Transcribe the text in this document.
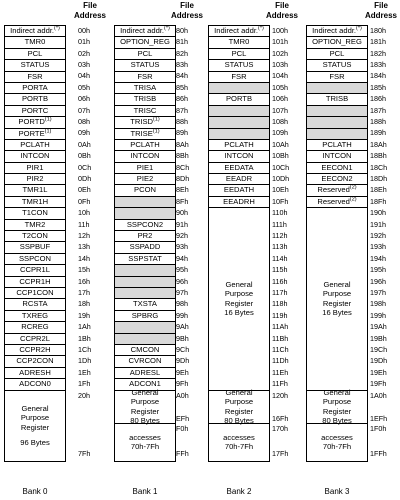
File
Address
Indirect addr.(*)
TMR0
PCL
STATUS
FSR
PORTA
PORTB
PORTC
PORTD$^{(1)}$
PORTE$^{(1)}$
PCLATH
INTCON
PIR1
PIR2
TMR1L
TMR1H
T1CON
TMR2
T2CON
SSPBUF
SSPCON
CCPR1L
CCPR1H
CCP1CON
RCSTA
TXREG
RCREG
CCPR2L
CCPR2H
CCP2CON
ADRESH
ADCON0
General
Purpose
Register
96 Bytes
00h
01h
02h
03h
04h
05h
06h
07h
08h
09h
0Ah
0Bh
0Ch
0Dh
0Eh
0Fh
10h
11h
12h
13h
14h
15h
16h
17h
18h
19h
1Ah
1Bh
1Ch
1Dh
1Eh
1Fh
20h
7Fh
Bank 0
File
Address
Indirect addr.(*)
OPTION_REG
PCL
STATUS
FSR
TRISA
TRISB
TRISC
TRISD$^{(1)}$
TRISE$^{(1)}$
PCLATH
INTCON
PIE1
PIE2
PCON
SSPCON2
PR2
SSPADD
SSPSTAT
TXSTA
SPBRG
CMCON
CVRCON
ADRESL
ADCON1
General
Purpose
Register
80 Bytes
accesses
70h-7Fh
80h
81h
82h
83h
84h
85h
86h
87h
88h
89h
8Ah
8Bh
8Ch
8Dh
8Eh
8Fh
90h
91h
92h
93h
94h
95h
96h
97h
98h
99h
9Ah
9Bh
9Ch
9Dh
9Eh
9Fh
A0h
EFh
F0h
FFh
Bank 1
File
Address
Indirect addr.(*)
TMR0
PCL
STATUS
FSR
PORTB
PCLATH
INTCON
EEDATA
EEADR
EEDATH
EEADRH
General
Purpose
Register
16 Bytes
General
Purpose
Register
80 Bytes
accesses
70h-7Fh
100h
101h
102h
103h
104h
105h
106h
107h
108h
109h
10Ah
10Bh
10Ch
10Dh
10Eh
10Fh
110h
111h
112h
113h
114h
115h
116h
117h
118h
119h
11Ah
11Bh
11Ch
11Dh
11Eh
11Fh
120h
16Fh
170h
17Fh
Bank 2
File
Address
Indirect addr.(*)
OPTION_REG
PCL
STATUS
FSR
TRISB
PCLATH
INTCON
EECON1
EECON2
Reserved$^{(2)}$
Reserved$^{(2)}$
General
Purpose
Register
16 Bytes
General
Purpose
Register
80 Bytes
accesses
70h-7Fh
180h
181h
182h
183h
184h
185h
186h
187h
188h
189h
18Ah
18Bh
18Ch
18Dh
18Eh
18Fh
190h
191h
192h
193h
194h
195h
196h
197h
198h
199h
19Ah
19Bh
19Ch
19Dh
19Eh
19Fh
1A0h
1EFh
1F0h
1FFh
Bank 3
